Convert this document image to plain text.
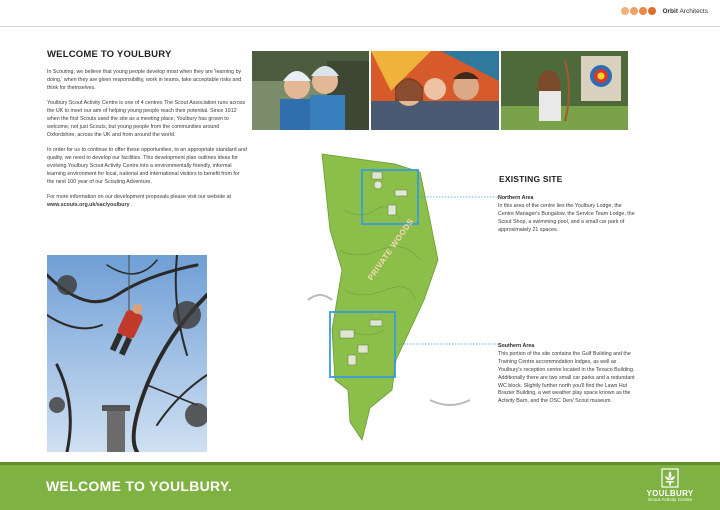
Orbit Architects
WELCOME TO YOULBURY

In Scouting, we believe that young people develop most when they are 'learning by doing,' when they are given responsibility, work in teams, take acceptable risks and think for themselves.

Youlbury Scout Activity Centre is one of 4 centres The Scout Association runs across the UK to meet our aim of helping young people reach their potential. Since 1912 when the first Scouts used the site as a meeting place, Youlbury has grown to welcome, not just Scouts, but young people from the communities around Oxfordshire, across the UK and from around the world.

In order for us to continue to offer these opportunities, to an appropriate standard and quality, we need to develop our facilities. This development plan outlines ideas for evolving Youlbury Scout Activity Centre into a environmentally friendly, informal learning environment for local, national and international visitors to benefit from for the next 100 year of our Scouting Adventure.

For more information on our development proposals please visit our website at www.scouts.org.uk/sac/youlbury .

PRIVATE WOODS
EXISTING SITE
Northern Area
In this area of the centre lies the Youlbury Lodge, the Centre Manager's Bungalow, the Service Team Lodge, the Scout Shop, a swimming pool, and a small car park of approximately 21 spaces.
Southern Area
This portion of the site contains the Gulf Building and the Training Centre accommodation lodges, as well as Youlbury's reception centre located in the Texaco Building. Additionally there are two small car parks and a redundant WC block. Slightly further north you'll find the Lawn Hut Brazier Building, a wet weather play space known as the Activity Barn, and the OSC Den/ Scout museum.
WELCOME TO YOULBURY.	YOULBURY
Scout Activity Centre
